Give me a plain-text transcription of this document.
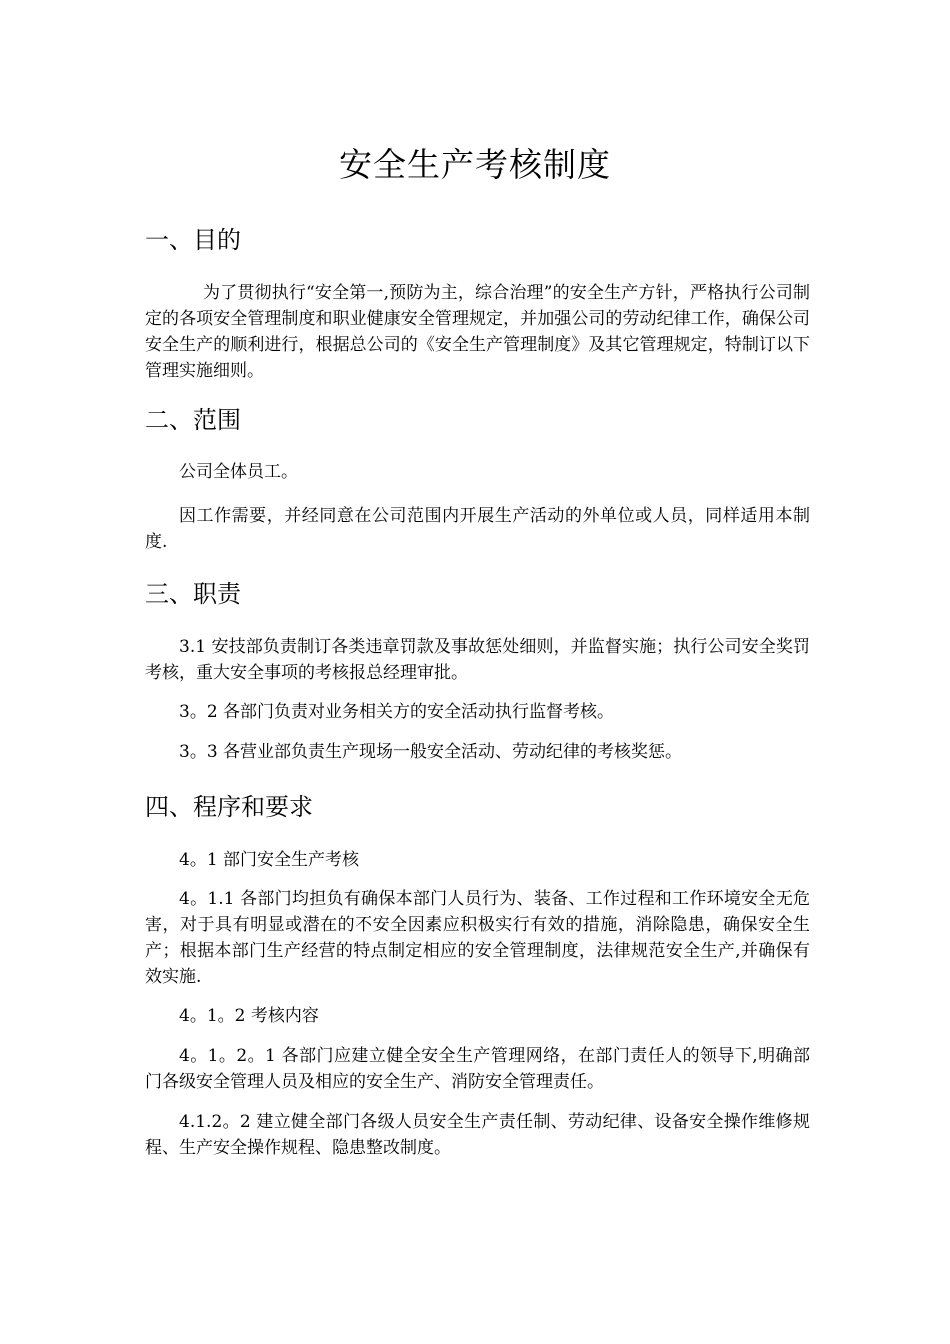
安全生产考核制度
一、目的
为了贯彻执行“安全第一,预防为主，综合治理”的安全生产方针，严格执行公司制定的各项安全管理制度和职业健康安全管理规定，并加强公司的劳动纪律工作，确保公司安全生产的顺利进行，根据总公司的《安全生产管理制度》及其它管理规定，特制订以下管理实施细则。
二、范围
公司全体员工。
因工作需要，并经同意在公司范围内开展生产活动的外单位或人员，同样适用本制度.
三、职责
3.1 安技部负责制订各类违章罚款及事故惩处细则，并监督实施；执行公司安全奖罚考核，重大安全事项的考核报总经理审批。
3。2 各部门负责对业务相关方的安全活动执行监督考核。
3。3 各营业部负责生产现场一般安全活动、劳动纪律的考核奖惩。
四、程序和要求
4。1 部门安全生产考核
4。1.1 各部门均担负有确保本部门人员行为、装备、工作过程和工作环境安全无危害，对于具有明显或潜在的不安全因素应积极实行有效的措施，消除隐患，确保安全生产；根据本部门生产经营的特点制定相应的安全管理制度，法律规范安全生产,并确保有效实施.
4。1。2 考核内容
4。1。2。1 各部门应建立健全安全生产管理网络，在部门责任人的领导下,明确部门各级安全管理人员及相应的安全生产、消防安全管理责任。
4.1.2。2 建立健全部门各级人员安全生产责任制、劳动纪律、设备安全操作维修规程、生产安全操作规程、隐患整改制度。
